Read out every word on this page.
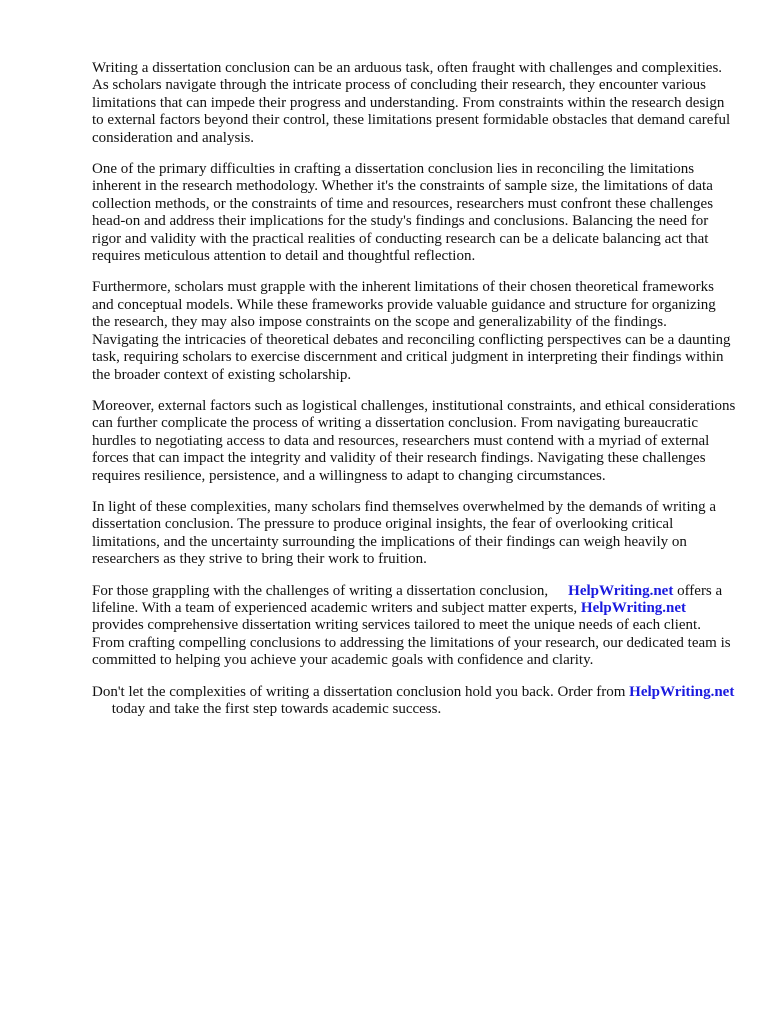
Writing a dissertation conclusion can be an arduous task, often fraught with challenges and complexities. As scholars navigate through the intricate process of concluding their research, they encounter various limitations that can impede their progress and understanding. From constraints within the research design to external factors beyond their control, these limitations present formidable obstacles that demand careful consideration and analysis.

One of the primary difficulties in crafting a dissertation conclusion lies in reconciling the limitations inherent in the research methodology. Whether it's the constraints of sample size, the limitations of data collection methods, or the constraints of time and resources, researchers must confront these challenges head-on and address their implications for the study's findings and conclusions. Balancing the need for rigor and validity with the practical realities of conducting research can be a delicate balancing act that requires meticulous attention to detail and thoughtful reflection.

Furthermore, scholars must grapple with the inherent limitations of their chosen theoretical frameworks and conceptual models. While these frameworks provide valuable guidance and structure for organizing the research, they may also impose constraints on the scope and generalizability of the findings. Navigating the intricacies of theoretical debates and reconciling conflicting perspectives can be a daunting task, requiring scholars to exercise discernment and critical judgment in interpreting their findings within the broader context of existing scholarship.

Moreover, external factors such as logistical challenges, institutional constraints, and ethical considerations can further complicate the process of writing a dissertation conclusion. From navigating bureaucratic hurdles to negotiating access to data and resources, researchers must contend with a myriad of external forces that can impact the integrity and validity of their research findings. Navigating these challenges requires resilience, persistence, and a willingness to adapt to changing circumstances.

In light of these complexities, many scholars find themselves overwhelmed by the demands of writing a dissertation conclusion. The pressure to produce original insights, the fear of overlooking critical limitations, and the uncertainty surrounding the implications of their findings can weigh heavily on researchers as they strive to bring their work to fruition.

For those grappling with the challenges of writing a dissertation conclusion, HelpWriting.net offers a lifeline. With a team of experienced academic writers and subject matter experts, HelpWriting.net provides comprehensive dissertation writing services tailored to meet the unique needs of each client. From crafting compelling conclusions to addressing the limitations of your research, our dedicated team is committed to helping you achieve your academic goals with confidence and clarity.

Don't let the complexities of writing a dissertation conclusion hold you back. Order from HelpWriting.net today and take the first step towards academic success.
